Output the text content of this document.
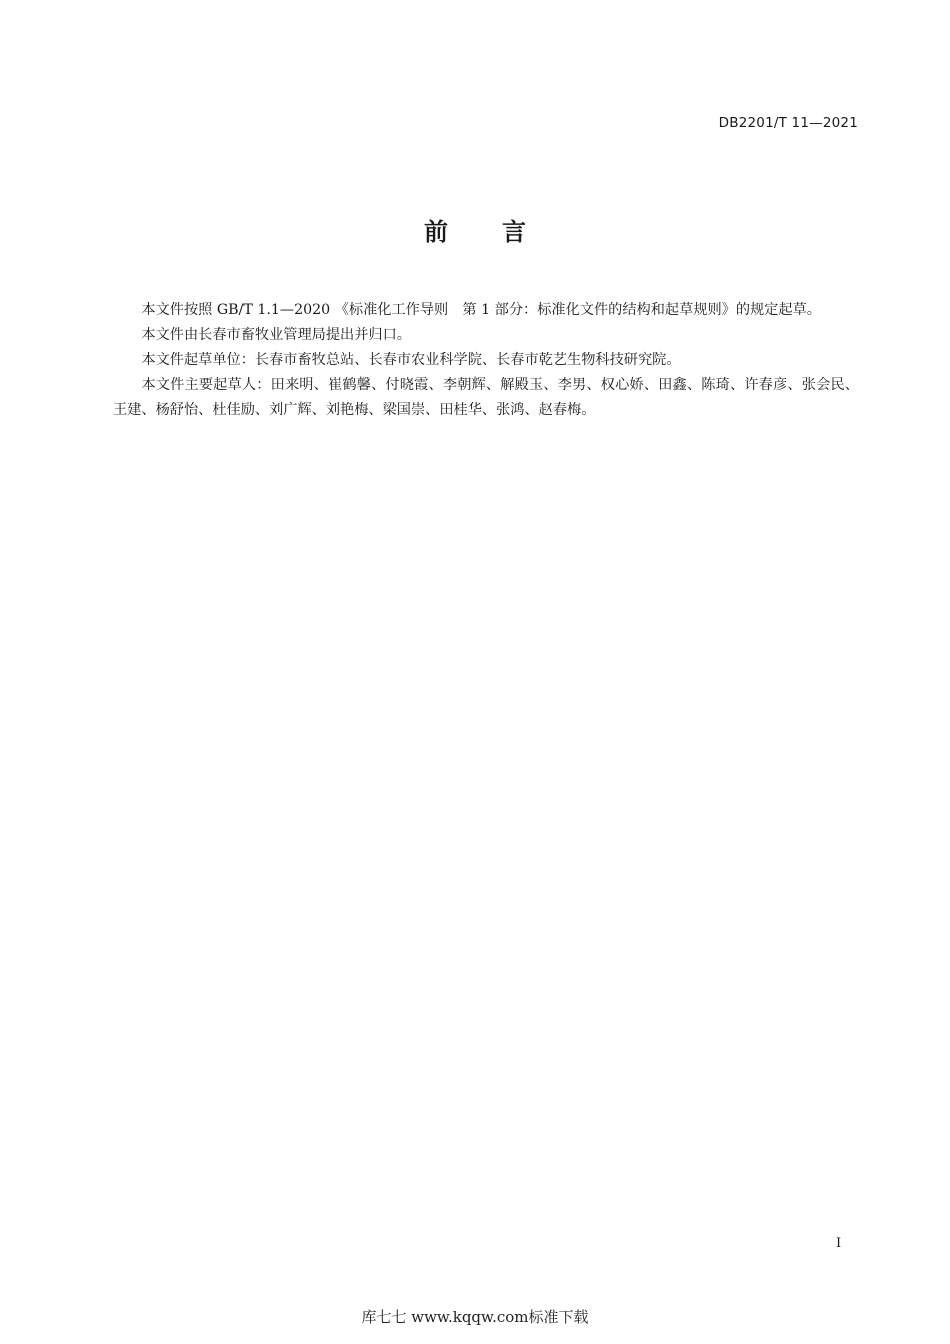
DB2201/T 11—2021
前 言

本文件按照 GB/T 1.1—2020 《标准化工作导则　第 1 部分：标准化文件的结构和起草规则》的规定起草。

本文件由长春市畜牧业管理局提出并归口。

本文件起草单位：长春市畜牧总站、长春市农业科学院、长春市乾艺生物科技研究院。

本文件主要起草人：田来明、崔鹤馨、付晓霞、李朝辉、解殿玉、李男、权心娇、田鑫、陈琦、许春彦、张会民、王建、杨舒怡、杜佳励、刘广辉、刘艳梅、梁国崇、田桂华、张鸿、赵春梅。

I
库七七 www.kqqw.com标准下载
